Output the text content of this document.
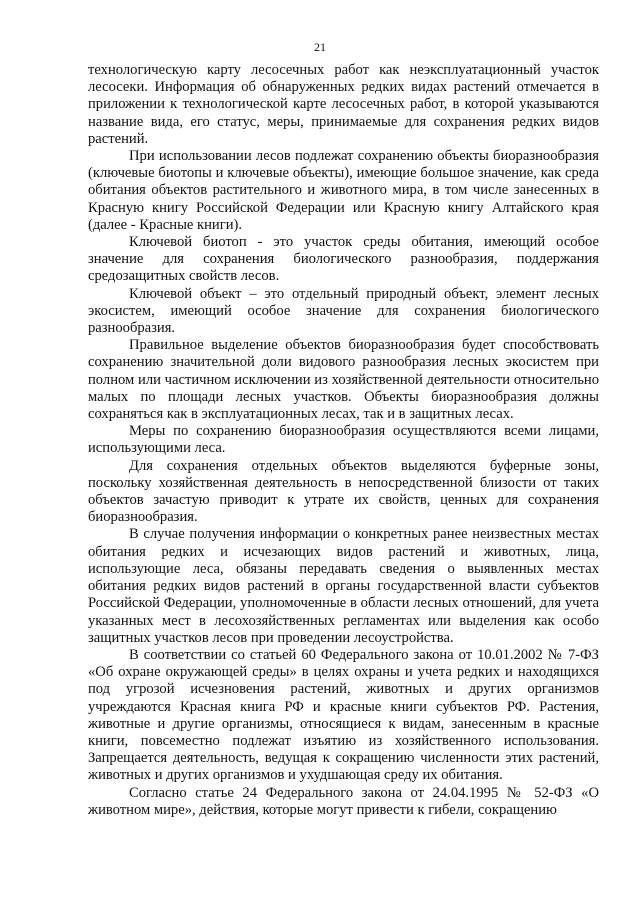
21

технологическую карту лесосечных работ как неэксплуатационный участок лесосеки. Информация об обнаруженных редких видах растений отмечается в приложении к технологической карте лесосечных работ, в которой указываются название вида, его статус, меры, принимаемые для сохранения редких видов растений.

При использовании лесов подлежат сохранению объекты биоразнообразия (ключевые биотопы и ключевые объекты), имеющие большое значение, как среда обитания объектов растительного и животного мира, в том числе занесенных в Красную книгу Российской Федерации или Красную книгу Алтайского края (далее - Красные книги).

Ключевой биотоп - это участок среды обитания, имеющий особое значение для сохранения биологического разнообразия, поддержания средозащитных свойств лесов.

Ключевой объект – это отдельный природный объект, элемент лесных экосистем, имеющий особое значение для сохранения биологического разнообразия.

Правильное выделение объектов биоразнообразия будет способствовать сохранению значительной доли видового разнообразия лесных экосистем при полном или частичном исключении из хозяйственной деятельности относительно малых по площади лесных участков. Объекты биоразнообразия должны сохраняться как в эксплуатационных лесах, так и в защитных лесах.

Меры по сохранению биоразнообразия осуществляются всеми лицами, использующими леса.

Для сохранения отдельных объектов выделяются буферные зоны, поскольку хозяйственная деятельность в непосредственной близости от таких объектов зачастую приводит к утрате их свойств, ценных для сохранения биоразнообразия.

В случае получения информации о конкретных ранее неизвестных местах обитания редких и исчезающих видов растений и животных, лица, использующие леса, обязаны передавать сведения о выявленных местах обитания редких видов растений в органы государственной власти субъектов Российской Федерации, уполномоченные в области лесных отношений, для учета указанных мест в лесохозяйственных регламентах или выделения как особо защитных участков лесов при проведении лесоустройства.

В соответствии со статьей 60 Федерального закона от 10.01.2002 № 7-ФЗ «Об охране окружающей среды» в целях охраны и учета редких и находящихся под угрозой исчезновения растений, животных и других организмов учреждаются Красная книга РФ и красные книги субъектов РФ. Растения, животные и другие организмы, относящиеся к видам, занесенным в красные книги, повсеместно подлежат изъятию из хозяйственного использования. Запрещается деятельность, ведущая к сокращению численности этих растений, животных и других организмов и ухудшающая среду их обитания.

Согласно статье 24 Федерального закона от 24.04.1995 № 52-ФЗ «О животном мире», действия, которые могут привести к гибели, сокращению
